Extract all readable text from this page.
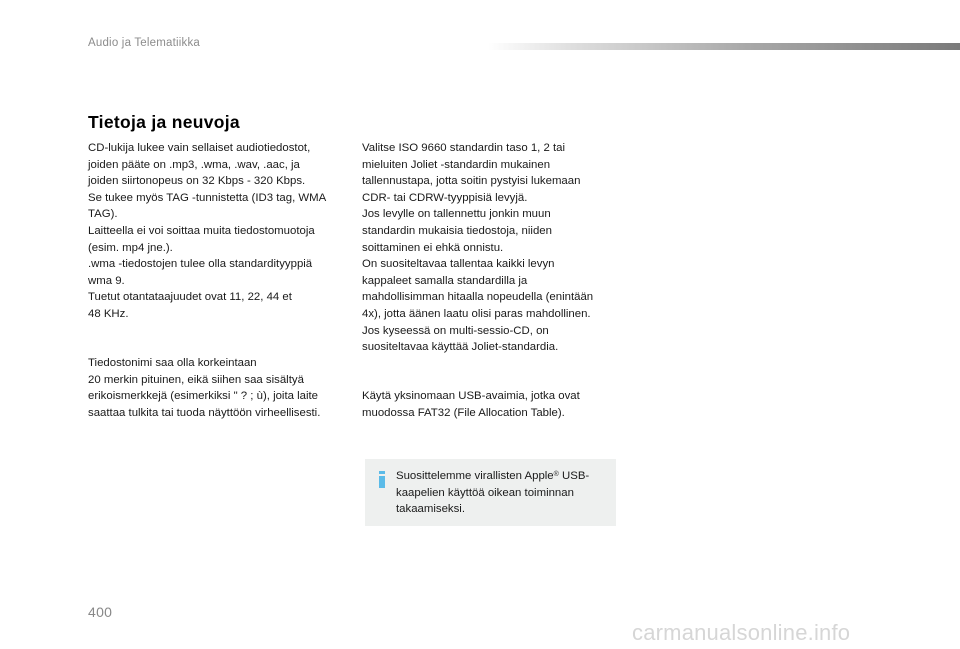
Audio ja Telematiikka
Tietoja ja neuvoja
CD-lukija lukee vain sellaiset audiotiedostot,
joiden pääte on .mp3, .wma, .wav, .aac, ja
joiden siirtonopeus on 32 Kbps - 320 Kbps.
Se tukee myös TAG -tunnistetta (ID3 tag, WMA
TAG).
Laitteella ei voi soittaa muita tiedostomuotoja
(esim. mp4 jne.).
.wma -tiedostojen tulee olla standardityyppiä
wma 9.
Tuetut otantataajuudet ovat 11, 22, 44 et
48 KHz.
Tiedostonimi saa olla korkeintaan
20 merkin pituinen, eikä siihen saa sisältyä
erikoismerkkejä (esimerkiksi " ? ; ù), joita laite
saattaa tulkita tai tuoda näyttöön virheellisesti.
Valitse ISO 9660 standardin taso 1, 2 tai
mieluiten Joliet -standardin mukainen
tallennustapa, jotta soitin pystyisi lukemaan
CDR- tai CDRW-tyyppisiä levyjä.
Jos levylle on tallennettu jonkin muun
standardin mukaisia tiedostoja, niiden
soittaminen ei ehkä onnistu.
On suositeltavaa tallentaa kaikki levyn
kappaleet samalla standardilla ja
mahdollisimman hitaalla nopeudella (enintään
4x), jotta äänen laatu olisi paras mahdollinen.
Jos kyseessä on multi-sessio-CD, on
suositeltavaa käyttää Joliet-standardia.
Käytä yksinomaan USB-avaimia, jotka ovat
muodossa FAT32 (File Allocation Table).
Suosittelemme virallisten Apple® USB-
kaapelien käyttöä oikean toiminnan
takaamiseksi.
400
carmanualsonline.info
